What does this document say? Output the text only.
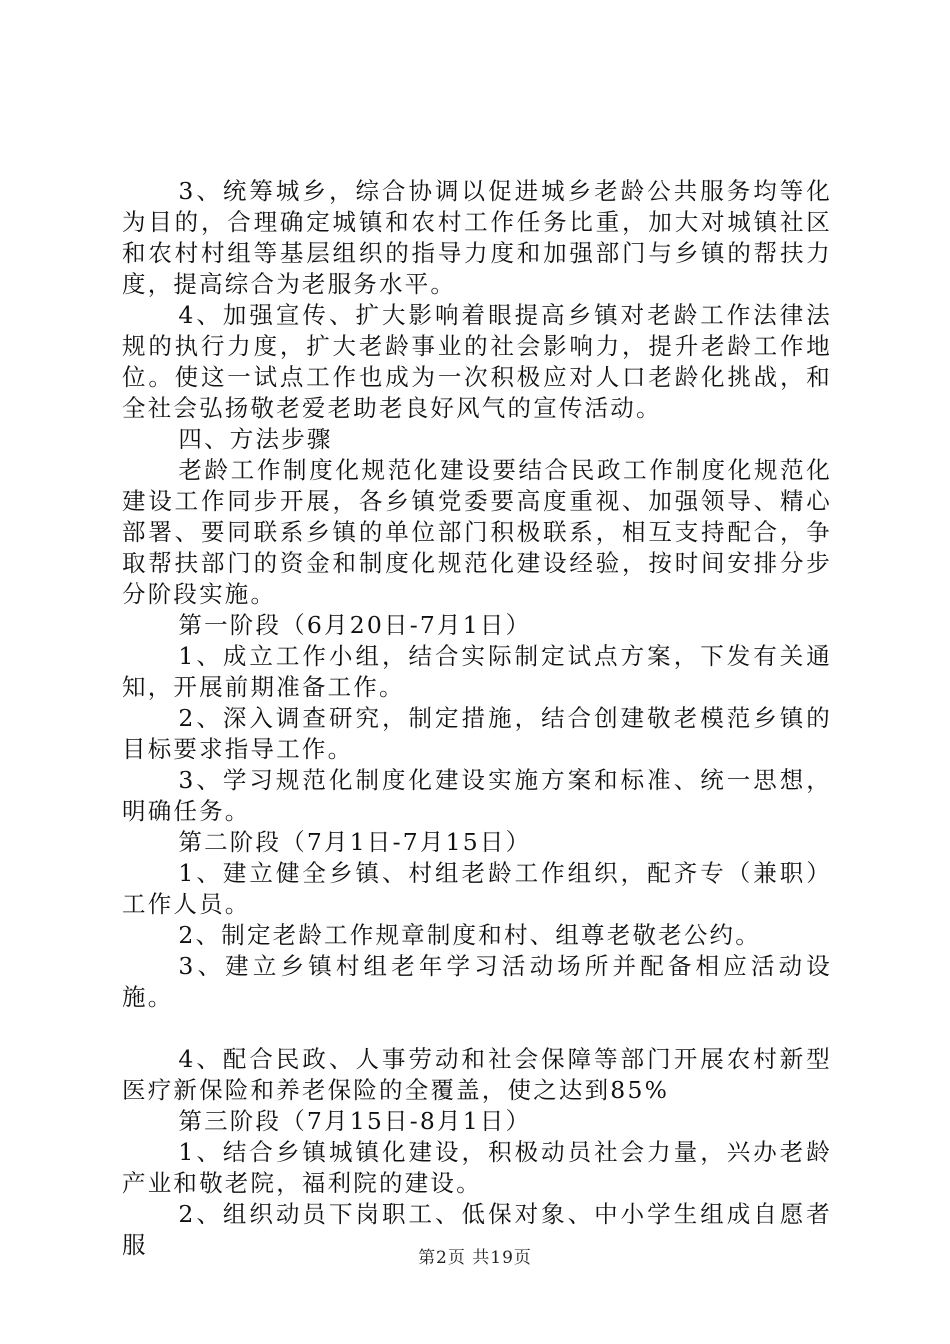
3、统筹城乡，综合协调以促进城乡老龄公共服务均等化为目的，合理确定城镇和农村工作任务比重，加大对城镇社区和农村村组等基层组织的指导力度和加强部门与乡镇的帮扶力度，提高综合为老服务水平。

4、加强宣传、扩大影响着眼提高乡镇对老龄工作法律法规的执行力度，扩大老龄事业的社会影响力，提升老龄工作地位。使这一试点工作也成为一次积极应对人口老龄化挑战，和全社会弘扬敬老爱老助老良好风气的宣传活动。

四、方法步骤

老龄工作制度化规范化建设要结合民政工作制度化规范化建设工作同步开展，各乡镇党委要高度重视、加强领导、精心部署、要同联系乡镇的单位部门积极联系，相互支持配合，争取帮扶部门的资金和制度化规范化建设经验，按时间安排分步分阶段实施。

第一阶段（6月20日-7月1日）

1、成立工作小组，结合实际制定试点方案，下发有关通知，开展前期准备工作。

2、深入调查研究，制定措施，结合创建敬老模范乡镇的目标要求指导工作。

3、学习规范化制度化建设实施方案和标准、统一思想，明确任务。

第二阶段（7月1日-7月15日）

1、建立健全乡镇、村组老龄工作组织，配齐专（兼职）工作人员。

2、制定老龄工作规章制度和村、组尊老敬老公约。

3、建立乡镇村组老年学习活动场所并配备相应活动设施。

4、配合民政、人事劳动和社会保障等部门开展农村新型医疗新保险和养老保险的全覆盖，使之达到85%

第三阶段（7月15日-8月1日）

1、结合乡镇城镇化建设，积极动员社会力量，兴办老龄产业和敬老院，福利院的建设。

2、组织动员下岗职工、低保对象、中小学生组成自愿者服	第2页 共19页
